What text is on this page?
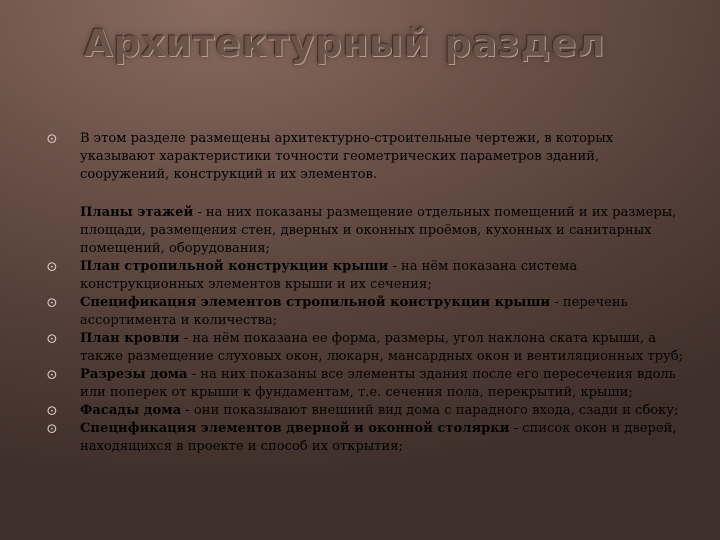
Архитектурный раздел
⊙ В этом разделе размещены архитектурно-строительные чертежи, в которых указывают характеристики точности геометрических параметров зданий, сооружений, конструкций и их элементов.
Планы этажей - на них показаны размещение отдельных помещений и их размеры, площади, размещения стен, дверных и оконных проёмов, кухонных и санитарных помещений, оборудования;
⊙ План стропильной конструкции крыши - на нём показана система конструкционных элементов крыши и их сечения;
⊙ Спецификация элементов стропильной конструкции крыши - перечень ассортимента и количества;
⊙ План кровли - на нём показана ее форма, размеры, угол наклона ската крыши, а также размещение слуховых окон, люкарн, мансардных окон и вентиляционных труб;
⊙ Разрезы дома - на них показаны все элементы здания после его пересечения вдоль или поперек от крыши к фундаментам, т.е. сечения пола, перекрытий, крыши;
⊙ Фасады дома - они показывают внешний вид дома с парадного входа, сзади и сбоку;
⊙ Спецификация элементов дверной и оконной столярки - список окон и дверей, находящихся в проекте и способ их открытия;
